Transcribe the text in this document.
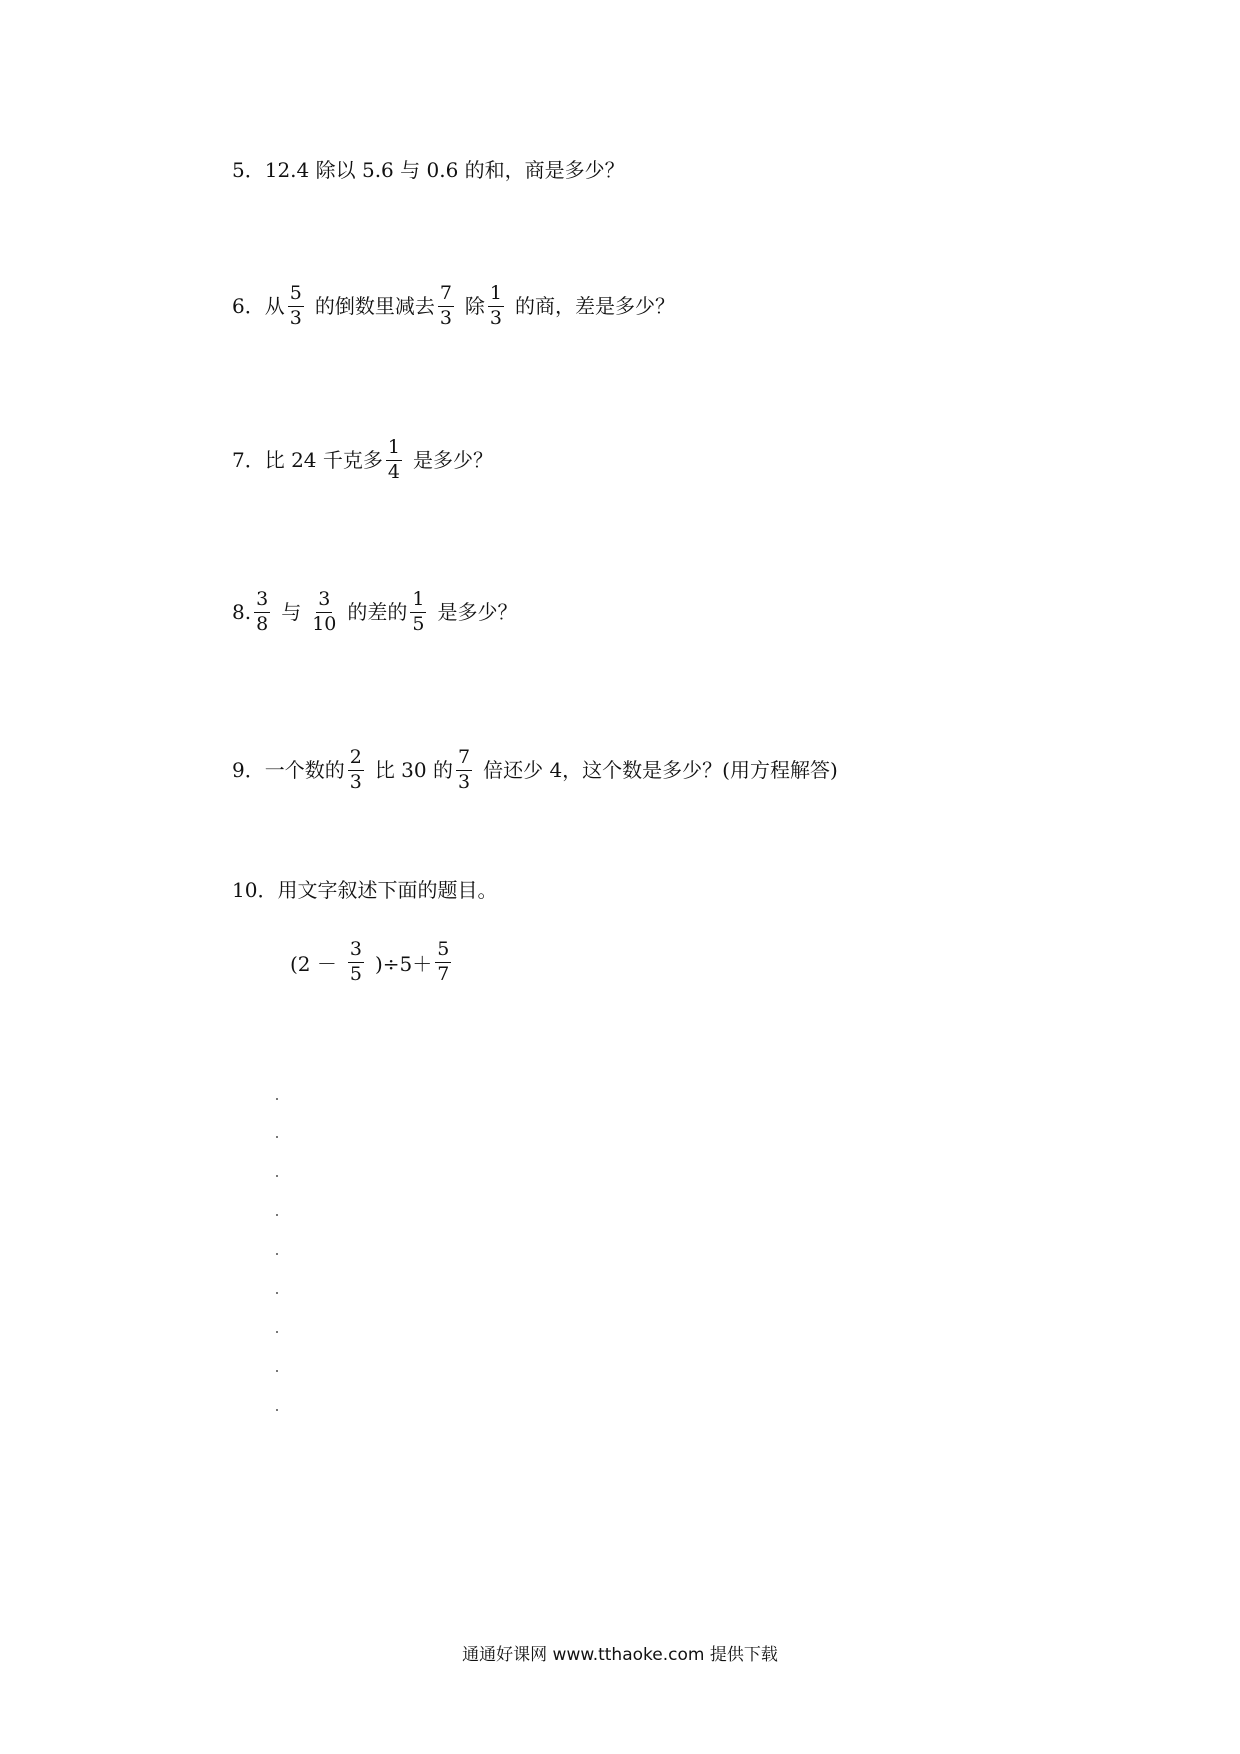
5．12.4 除以 5.6 与 0.6 的和，商是多少？
6．从 $\frac{5}{3}$ 的倒数里减去 $\frac{7}{3}$ 除 $\frac{1}{3}$ 的商，差是多少？
7．比 24 千克多 $\frac{1}{4}$ 是多少？
8. $\frac{3}{8}$ 与 $\frac{3}{10}$ 的差的 $\frac{1}{5}$ 是多少？
9．一个数的 $\frac{2}{3}$ 比 30 的 $\frac{7}{3}$ 倍还少 4，这个数是多少？(用方程解答)
10．用文字叙述下面的题目。
$(2 - \frac{3}{5} )\div 5+ \frac{5}{7}$
通通好课网 www.tthaoke.com 提供下载
